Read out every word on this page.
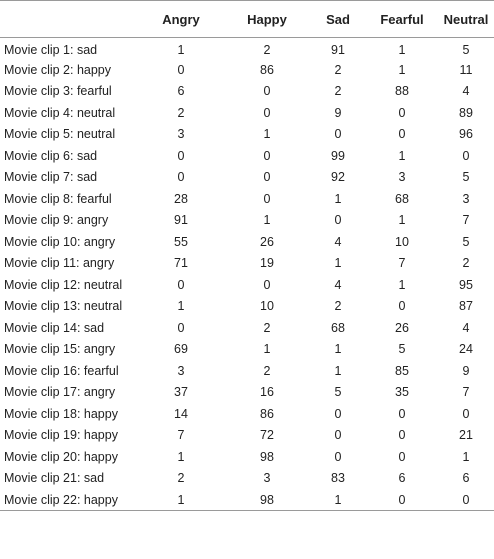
	Angry	Happy	Sad	Fearful	Neutral
Movie clip 1: sad	1	2	91	1	5
Movie clip 2: happy	0	86	2	1	11
Movie clip 3: fearful	6	0	2	88	4
Movie clip 4: neutral	2	0	9	0	89
Movie clip 5: neutral	3	1	0	0	96
Movie clip 6: sad	0	0	99	1	0
Movie clip 7: sad	0	0	92	3	5
Movie clip 8: fearful	28	0	1	68	3
Movie clip 9: angry	91	1	0	1	7
Movie clip 10: angry	55	26	4	10	5
Movie clip 11: angry	71	19	1	7	2
Movie clip 12: neutral	0	0	4	1	95
Movie clip 13: neutral	1	10	2	0	87
Movie clip 14: sad	0	2	68	26	4
Movie clip 15: angry	69	1	1	5	24
Movie clip 16: fearful	3	2	1	85	9
Movie clip 17: angry	37	16	5	35	7
Movie clip 18: happy	14	86	0	0	0
Movie clip 19: happy	7	72	0	0	21
Movie clip 20: happy	1	98	0	0	1
Movie clip 21: sad	2	3	83	6	6
Movie clip 22: happy	1	98	1	0	0
